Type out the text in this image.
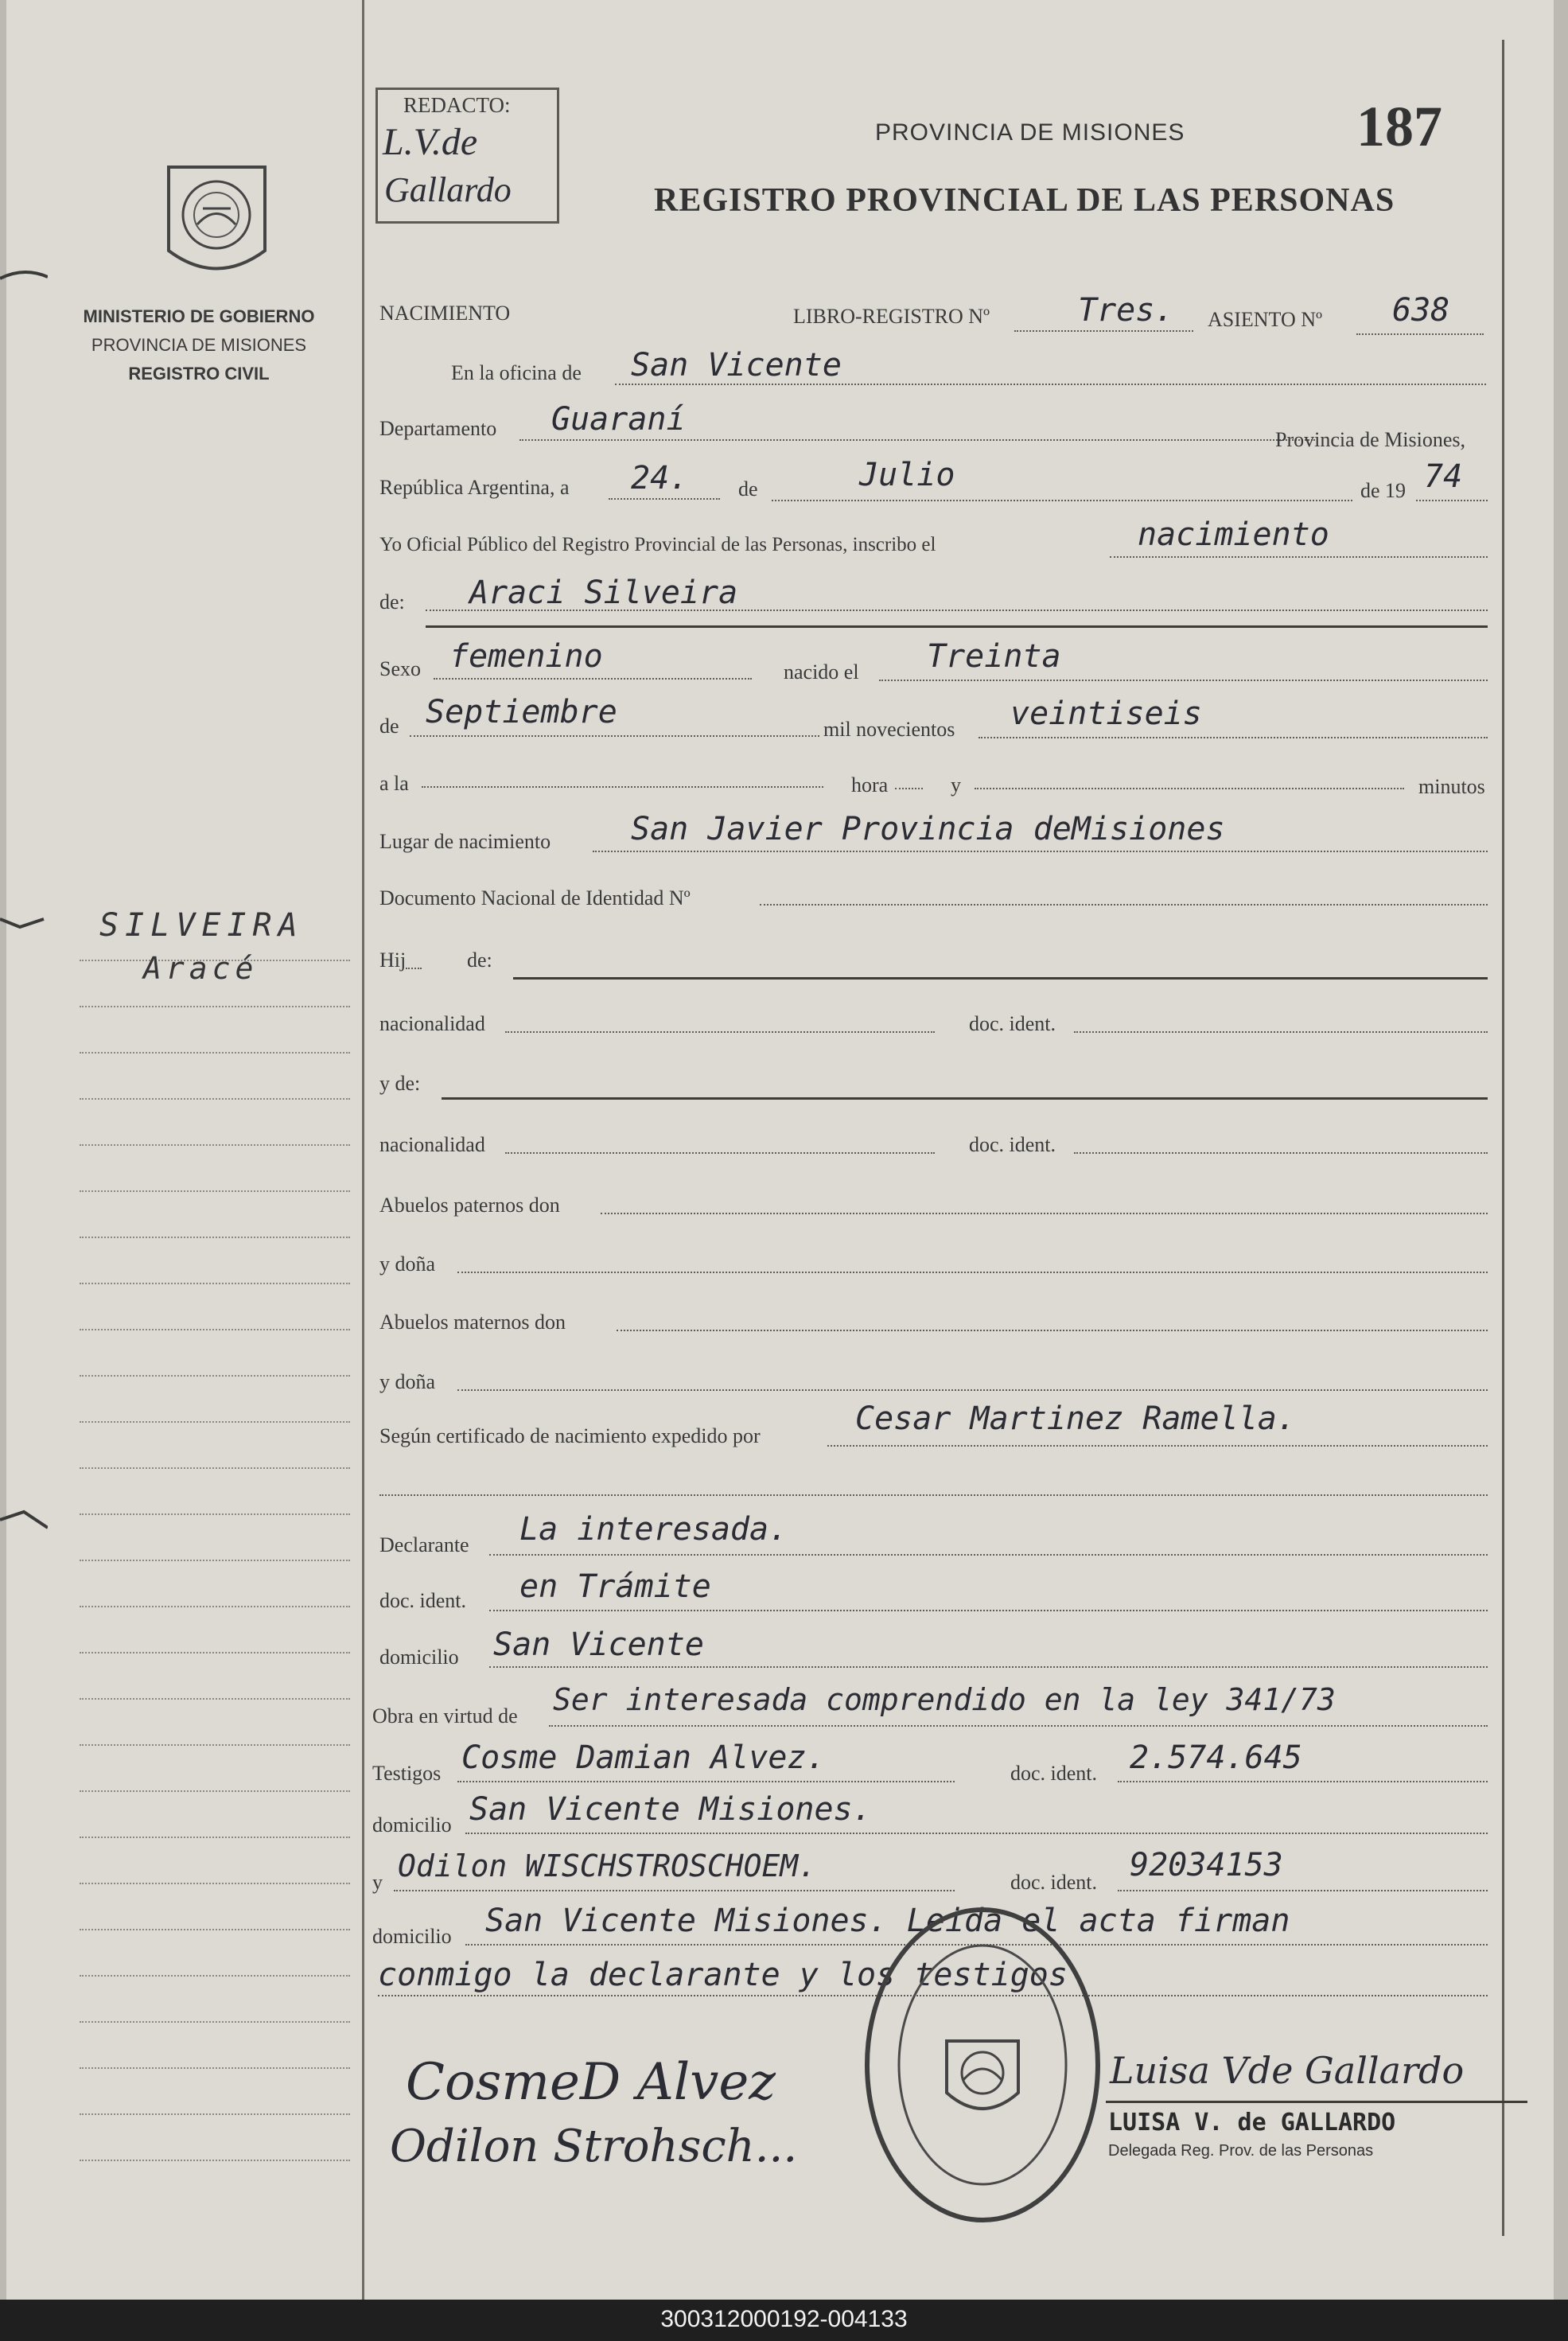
MINISTERIO DE GOBIERNO
PROVINCIA DE MISIONES
REGISTRO CIVIL
SILVEIRA
Aracé
REDACTO:
L.V.de
Gallardo
PROVINCIA DE MISIONES	187
REGISTRO PROVINCIAL DE LAS PERSONAS
NACIMIENTO	LIBRO-REGISTRO Nº	Tres. ASIENTO Nº 638
En la oficina de San Vicente
Departamento Guaraní
Provincia de Misiones,
República Argentina, a 24. de	Julio	de 19 74
Yo Oficial Público del Registro Provincial de las Personas, inscribo el	nacimiento
de: Araci Silveira
Sexo femenino	nacido el Treinta
de Septiembre	mil novecientos veintiseis
a la	hora	y	minutos
Lugar de nacimiento	San Javier Provincia deMisiones
Documento Nacional de Identidad Nº
Hij	de:
nacionalidad	doc. ident.
y de:
nacionalidad	doc. ident.
Abuelos paternos don
y doña
Abuelos maternos don
y doña
Según certificado de nacimiento expedido por	Cesar Martinez Ramella.
Declarante La interesada.
doc. ident. en Trámite
domicilio San Vicente
Obra en virtud de Ser interesada comprendido en la ley 341/73
Testigos Cosme Damian Alvez.	doc. ident. 2.574.645
domicilio San Vicente Misiones.
y Odilon WISCHSTROSCHOEM.	doc. ident. 92034153
domicilio San Vicente Misiones. Leida el acta firman
conmigo la declarante y los testigos
CosmeD Alvez
Odilon Strohsch...
Luisa Vde Gallardo
LUISA V. de GALLARDO
Delegada Reg. Prov. de las Personas
300312000192-004133
